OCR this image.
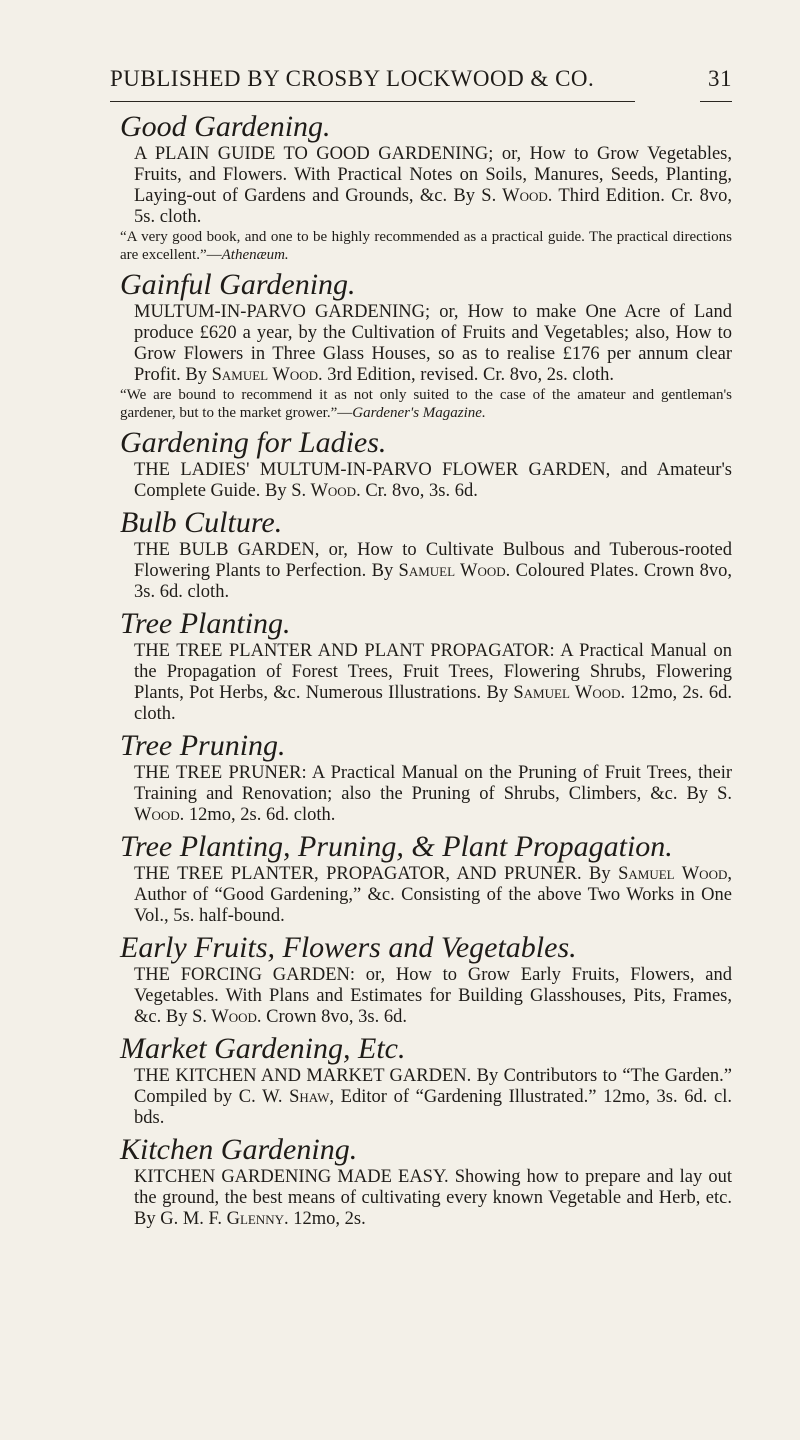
PUBLISHED BY CROSBY LOCKWOOD & CO.	31

Good Gardening.

A PLAIN GUIDE TO GOOD GARDENING; or, How to Grow Vegetables, Fruits, and Flowers. With Practical Notes on Soils, Manures, Seeds, Planting, Laying-out of Gardens and Grounds, &c. By S. Wood. Third Edition. Cr. 8vo, 5s. cloth.

“A very good book, and one to be highly recommended as a practical guide. The practical directions are excellent.”—Athenæum.

Gainful Gardening.

MULTUM-IN-PARVO GARDENING; or, How to make One Acre of Land produce £620 a year, by the Cultivation of Fruits and Vegetables; also, How to Grow Flowers in Three Glass Houses, so as to realise £176 per annum clear Profit. By Samuel Wood. 3rd Edition, revised. Cr. 8vo, 2s. cloth.

“We are bound to recommend it as not only suited to the case of the amateur and gentleman's gardener, but to the market grower.”—Gardener's Magazine.

Gardening for Ladies.

THE LADIES' MULTUM-IN-PARVO FLOWER GARDEN, and Amateur's Complete Guide. By S. Wood. Cr. 8vo, 3s. 6d.

Bulb Culture.

THE BULB GARDEN, or, How to Cultivate Bulbous and Tuberous-rooted Flowering Plants to Perfection. By Samuel Wood. Coloured Plates. Crown 8vo, 3s. 6d. cloth.

Tree Planting.

THE TREE PLANTER AND PLANT PROPAGATOR: A Practical Manual on the Propagation of Forest Trees, Fruit Trees, Flowering Shrubs, Flowering Plants, Pot Herbs, &c. Numerous Illustrations. By Samuel Wood. 12mo, 2s. 6d. cloth.

Tree Pruning.

THE TREE PRUNER: A Practical Manual on the Pruning of Fruit Trees, their Training and Renovation; also the Pruning of Shrubs, Climbers, &c. By S. Wood. 12mo, 2s. 6d. cloth.

Tree Planting, Pruning, & Plant Propagation.

THE TREE PLANTER, PROPAGATOR, AND PRUNER. By Samuel Wood, Author of “Good Gardening,” &c. Consisting of the above Two Works in One Vol., 5s. half-bound.

Early Fruits, Flowers and Vegetables.

THE FORCING GARDEN: or, How to Grow Early Fruits, Flowers, and Vegetables. With Plans and Estimates for Building Glasshouses, Pits, Frames, &c. By S. Wood. Crown 8vo, 3s. 6d.

Market Gardening, Etc.

THE KITCHEN AND MARKET GARDEN. By Contributors to “The Garden.” Compiled by C. W. Shaw, Editor of “Gardening Illustrated.” 12mo, 3s. 6d. cl. bds.

Kitchen Gardening.

KITCHEN GARDENING MADE EASY. Showing how to prepare and lay out the ground, the best means of cultivating every known Vegetable and Herb, etc. By G. M. F. Glenny. 12mo, 2s.
